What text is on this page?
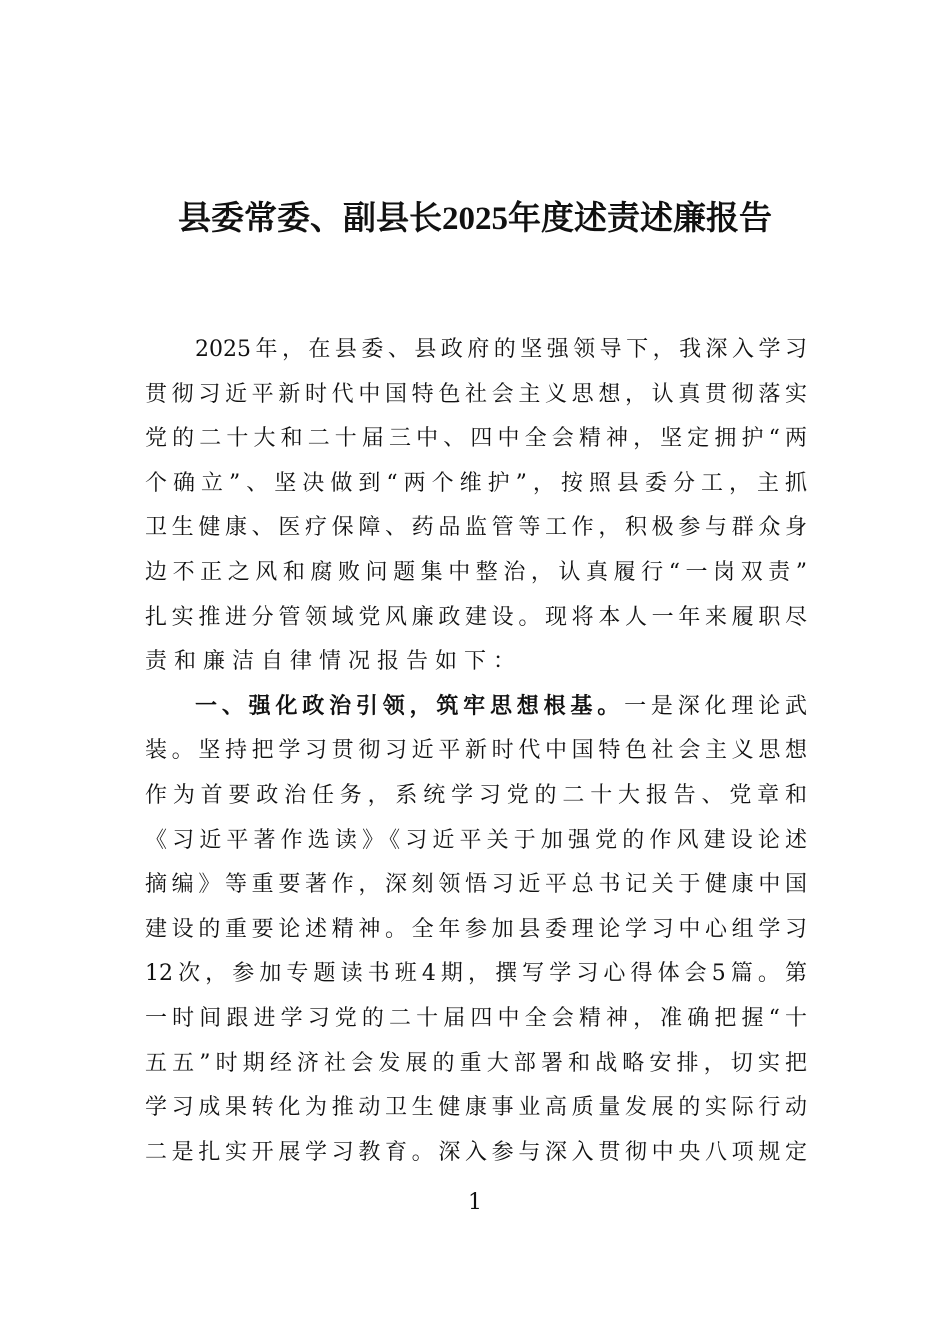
县委常委、副县长2025年度述责述廉报告
2025年，在县委、县政府的坚强领导下，我深入学习
贯彻习近平新时代中国特色社会主义思想，认真贯彻落实
党的二十大和二十届三中、四中全会精神，坚定拥护“两
个确立”、坚决做到“两个维护”，按照县委分工，主抓
卫生健康、医疗保障、药品监管等工作，积极参与群众身
边不正之风和腐败问题集中整治，认真履行“一岗双责”
扎实推进分管领域党风廉政建设。现将本人一年来履职尽
责和廉洁自律情况报告如下：
一、强化政治引领，筑牢思想根基。一是深化理论武
装。坚持把学习贯彻习近平新时代中国特色社会主义思想
作为首要政治任务，系统学习党的二十大报告、党章和
《习近平著作选读》《习近平关于加强党的作风建设论述
摘编》等重要著作，深刻领悟习近平总书记关于健康中国
建设的重要论述精神。全年参加县委理论学习中心组学习
12次，参加专题读书班4期，撰写学习心得体会5篇。第
一时间跟进学习党的二十届四中全会精神，准确把握“十
五五”时期经济社会发展的重大部署和战略安排，切实把
学习成果转化为推动卫生健康事业高质量发展的实际行动
二是扎实开展学习教育。深入参与深入贯彻中央八项规定
1
